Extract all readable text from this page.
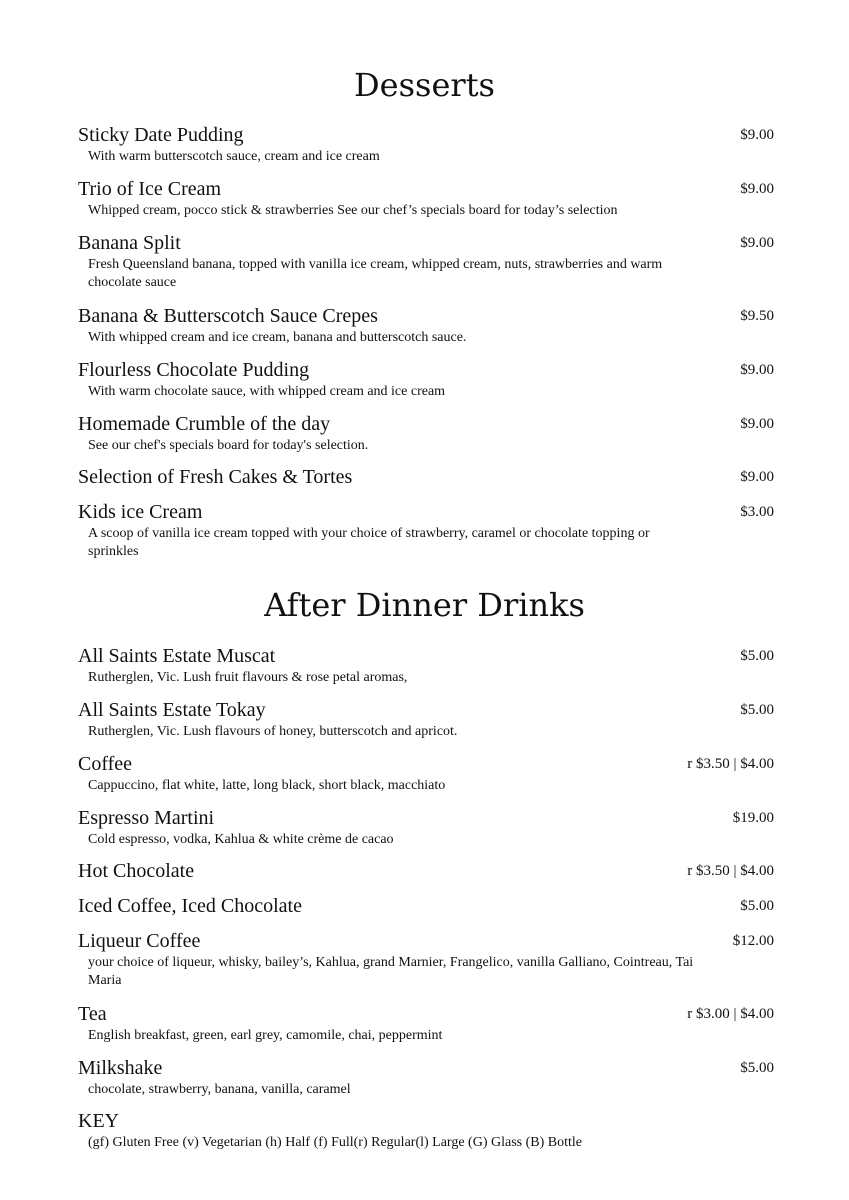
Desserts
Sticky Date Pudding
With warm butterscotch sauce, cream and ice cream
$9.00
Trio of Ice Cream
Whipped cream, pocco stick & strawberries See our chef’s specials board for today’s selection
$9.00
Banana Split
Fresh Queensland banana, topped with vanilla ice cream, whipped cream, nuts, strawberries and warm chocolate sauce
$9.00
Banana & Butterscotch Sauce Crepes
With whipped cream and ice cream, banana and butterscotch sauce.
$9.50
Flourless Chocolate Pudding
With warm chocolate sauce, with whipped cream and ice cream
$9.00
Homemade Crumble of the day
See our chef's specials board for today's selection.
$9.00
Selection of Fresh Cakes & Tortes	$9.00
Kids ice Cream
A scoop of vanilla ice cream topped with your choice of strawberry, caramel or chocolate topping or sprinkles
$3.00
After Dinner Drinks
All Saints Estate Muscat
Rutherglen, Vic. Lush fruit flavours & rose petal aromas,
$5.00
All Saints Estate Tokay
Rutherglen, Vic. Lush flavours of honey, butterscotch and apricot.
$5.00
Coffee
Cappuccino, flat white, latte, long black, short black, macchiato
r $3.50 | $4.00
Espresso Martini
Cold espresso, vodka, Kahlua & white crème de cacao
$19.00
Hot Chocolate	r $3.50 | $4.00
Iced Coffee, Iced Chocolate	$5.00
Liqueur Coffee
your choice of liqueur, whisky, bailey’s, Kahlua, grand Marnier, Frangelico, vanilla Galliano, Cointreau, Tai Maria
$12.00
Tea
English breakfast, green, earl grey, camomile, chai, peppermint
r $3.00 | $4.00
Milkshake
chocolate, strawberry, banana, vanilla, caramel
$5.00
KEY
(gf) Gluten Free (v) Vegetarian (h) Half (f) Full(r) Regular(l) Large (G) Glass (B) Bottle
